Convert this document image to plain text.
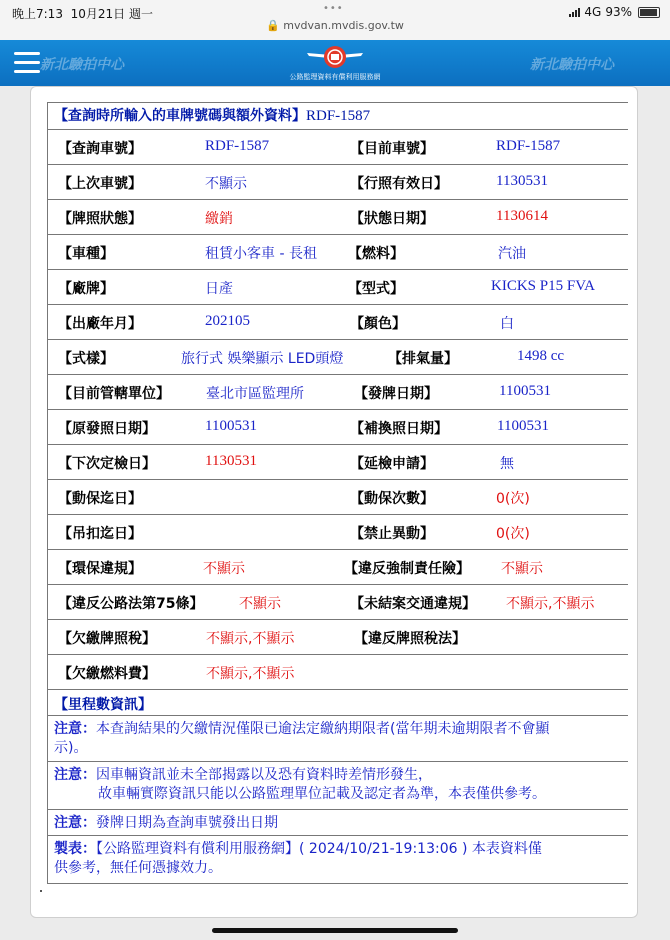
晚上7:13 10月21日 週一	•••	4G 93%
🔒 mvdvan.mvdis.gov.tw
新北驗拍中心	新北驗拍中心
公路監理資料有償利用服務網
【查詢時所輸入的車牌號碼與額外資料】RDF-1587
【查詢車號】	RDF-1587	【目前車號】	RDF-1587
【上次車號】	不顯示	【行照有效日】	1130531
【牌照狀態】	繳銷	【狀態日期】	1130614
【車種】	租賃小客車 - 長租 【燃料】	汽油
【廠牌】	日產	【型式】	KICKS P15 FVA
【出廠年月】	202105	【顏色】	白
【式樣】	旅行式 娛樂顯示 LED頭燈	【排氣量】	1498 cc
【目前管轄單位】	臺北市區監理所	【發牌日期】	1100531
【原發照日期】	1100531	【補換照日期】	1100531
【下次定檢日】	1130531	【延檢申請】	無
【動保迄日】	【動保次數】	0(次)
【吊扣迄日】	【禁止異動】	0(次)
【環保違規】	不顯示	【違反強制責任險】 不顯示
【違反公路法第75條】	不顯示	【未結案交通違規】 不顯示,不顯示
【欠繳牌照稅】	不顯示,不顯示	【違反牌照稅法】
【欠繳燃料費】	不顯示,不顯示
【里程數資訊】
注意：本查詢結果的欠繳情況僅限已逾法定繳納期限者(當年期未逾期限者不會顯
示)。
注意：因車輛資訊並未全部揭露以及恐有資料時差情形發生，
故車輛實際資訊只能以公路監理單位記載及認定者為準，本表僅供參考。
注意：發牌日期為查詢車號發出日期
製表：【公路監理資料有償利用服務網】( 2024/10/21-19:13:06 ) 本表資料僅
供參考，無任何憑據效力。
